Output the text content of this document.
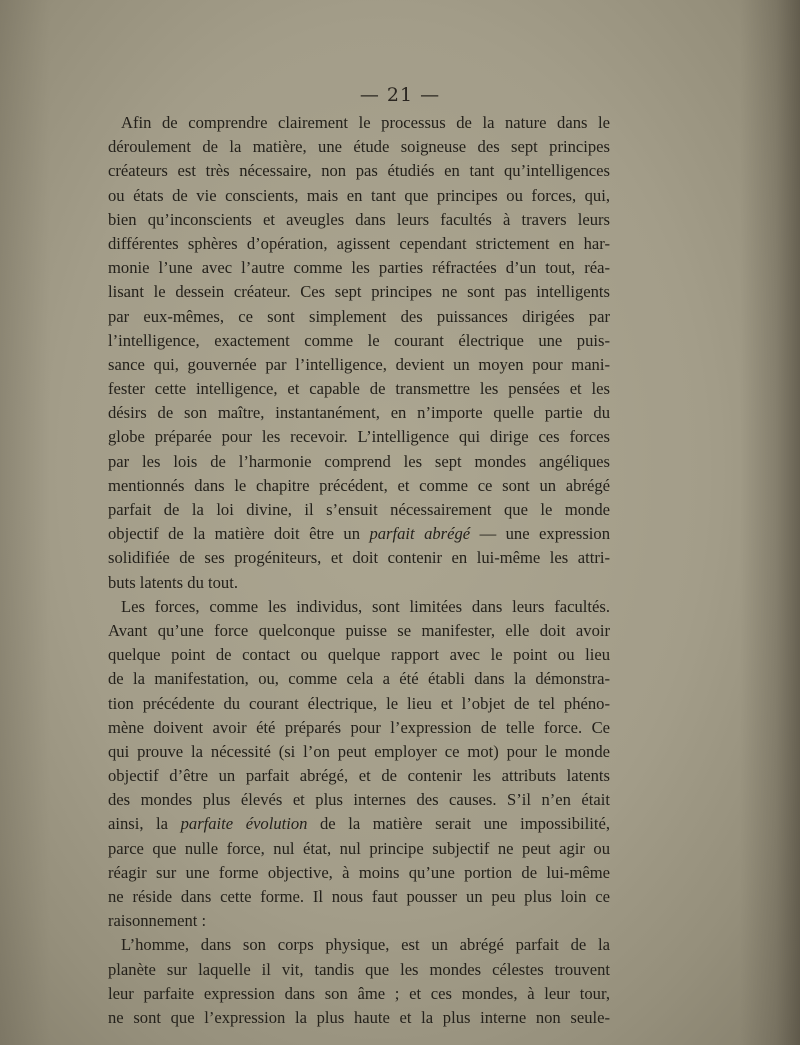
— 21 —
Afin de comprendre clairement le processus de la nature dans le
déroulement de la matière, une étude soigneuse des sept principes
créateurs est très nécessaire, non pas étudiés en tant qu’intelligences
ou états de vie conscients, mais en tant que principes ou forces, qui,
bien qu’inconscients et aveugles dans leurs facultés à travers leurs
différentes sphères d’opération, agissent cependant strictement en har-
monie l’une avec l’autre comme les parties réfractées d’un tout, réa-
lisant le dessein créateur. Ces sept principes ne sont pas intelligents
par eux-mêmes, ce sont simplement des puissances dirigées par
l’intelligence, exactement comme le courant électrique une puis-
sance qui, gouvernée par l’intelligence, devient un moyen pour mani-
fester cette intelligence, et capable de transmettre les pensées et les
désirs de son maître, instantanément, en n’importe quelle partie du
globe préparée pour les recevoir. L’intelligence qui dirige ces forces
par les lois de l’harmonie comprend les sept mondes angéliques
mentionnés dans le chapitre précédent, et comme ce sont un abrégé
parfait de la loi divine, il s’ensuit nécessairement que le monde
objectif de la matière doit être un parfait abrégé — une expression
solidifiée de ses progéniteurs, et doit contenir en lui-même les attri-
buts latents du tout.
Les forces, comme les individus, sont limitées dans leurs facultés.
Avant qu’une force quelconque puisse se manifester, elle doit avoir
quelque point de contact ou quelque rapport avec le point ou lieu
de la manifestation, ou, comme cela a été établi dans la démonstra-
tion précédente du courant électrique, le lieu et l’objet de tel phéno-
mène doivent avoir été préparés pour l’expression de telle force. Ce
qui prouve la nécessité (si l’on peut employer ce mot) pour le monde
objectif d’être un parfait abrégé, et de contenir les attributs latents
des mondes plus élevés et plus internes des causes. S’il n’en était
ainsi, la parfaite évolution de la matière serait une impossibilité,
parce que nulle force, nul état, nul principe subjectif ne peut agir ou
réagir sur une forme objective, à moins qu’une portion de lui-même
ne réside dans cette forme. Il nous faut pousser un peu plus loin ce
raisonnement :
L’homme, dans son corps physique, est un abrégé parfait de la
planète sur laquelle il vit, tandis que les mondes célestes trouvent
leur parfaite expression dans son âme ; et ces mondes, à leur tour,
ne sont que l’expression la plus haute et la plus interne non seule-
